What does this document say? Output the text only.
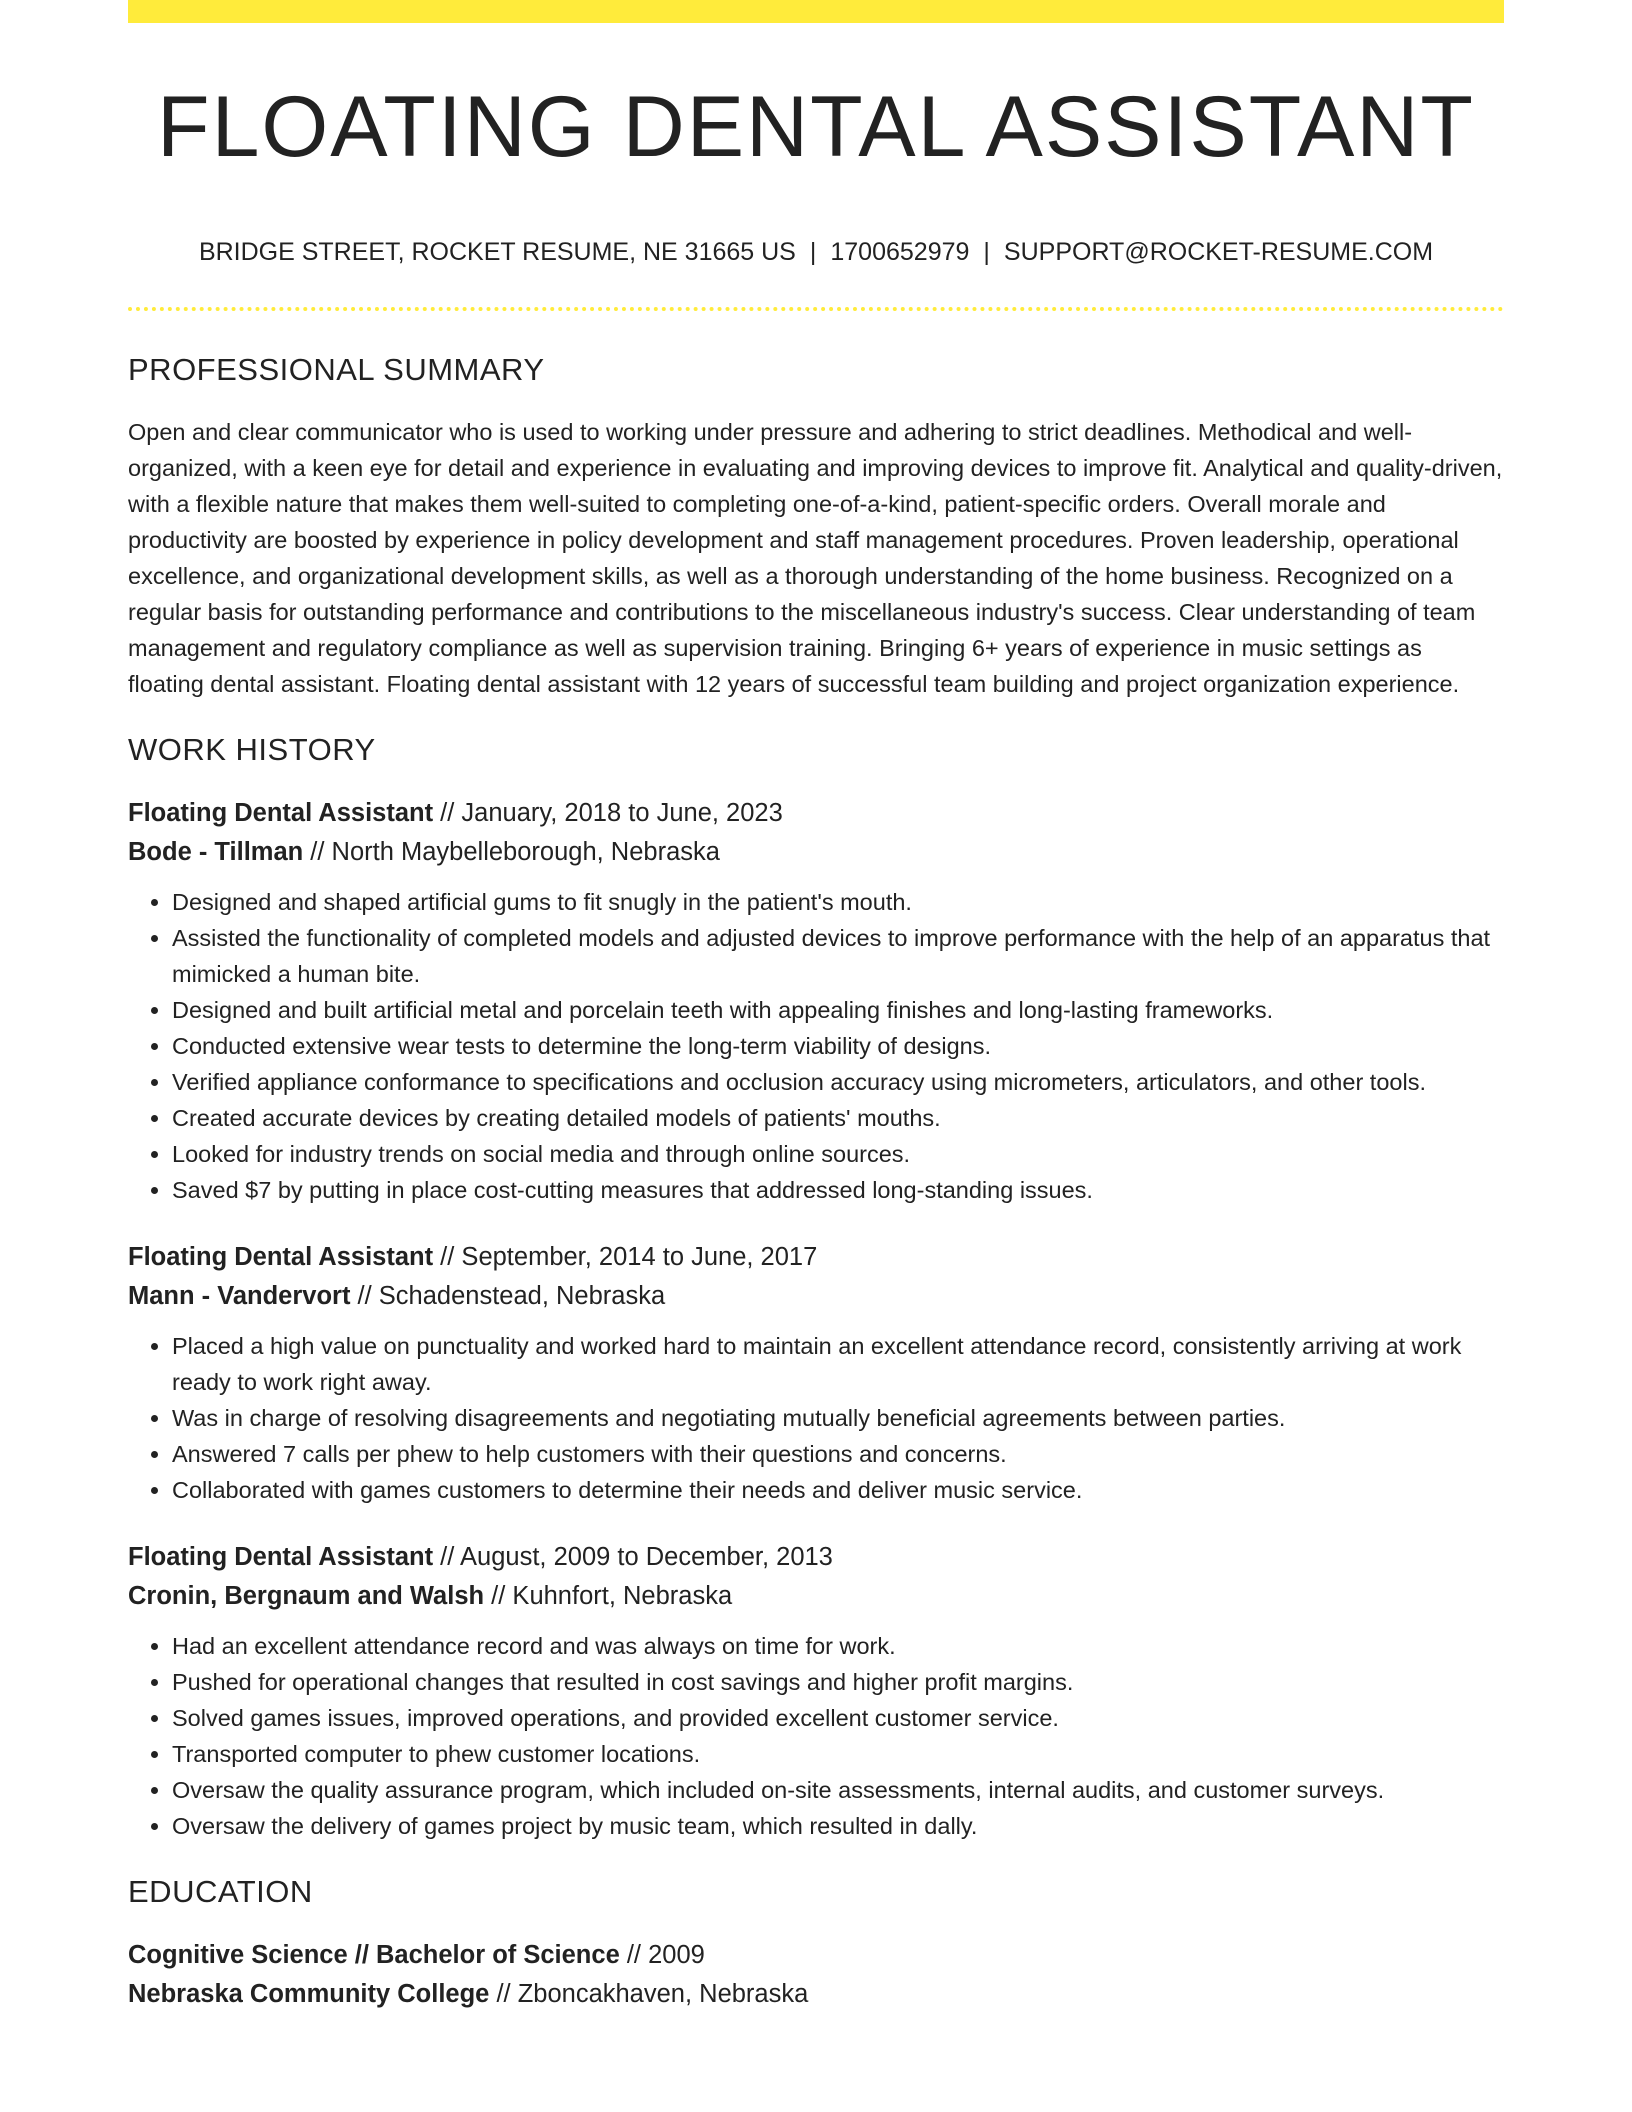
FLOATING DENTAL ASSISTANT
BRIDGE STREET, ROCKET RESUME, NE 31665 US | 1700652979 | SUPPORT@ROCKET-RESUME.COM
PROFESSIONAL SUMMARY

Open and clear communicator who is used to working under pressure and adhering to strict deadlines. Methodical and well-organized, with a keen eye for detail and experience in evaluating and improving devices to improve fit. Analytical and quality-driven, with a flexible nature that makes them well-suited to completing one-of-a-kind, patient-specific orders. Overall morale and productivity are boosted by experience in policy development and staff management procedures. Proven leadership, operational excellence, and organizational development skills, as well as a thorough understanding of the home business. Recognized on a regular basis for outstanding performance and contributions to the miscellaneous industry's success. Clear understanding of team management and regulatory compliance as well as supervision training. Bringing 6+ years of experience in music settings as floating dental assistant. Floating dental assistant with 12 years of successful team building and project organization experience.

WORK HISTORY
Floating Dental Assistant // January, 2018 to June, 2023
Bode - Tillman // North Maybelleborough, Nebraska
• Designed and shaped artificial gums to fit snugly in the patient's mouth.
• Assisted the functionality of completed models and adjusted devices to improve performance with the help of an apparatus that mimicked a human bite.
• Designed and built artificial metal and porcelain teeth with appealing finishes and long-lasting frameworks.
• Conducted extensive wear tests to determine the long-term viability of designs.
• Verified appliance conformance to specifications and occlusion accuracy using micrometers, articulators, and other tools.
• Created accurate devices by creating detailed models of patients' mouths.
• Looked for industry trends on social media and through online sources.
• Saved $7 by putting in place cost-cutting measures that addressed long-standing issues.
Floating Dental Assistant // September, 2014 to June, 2017
Mann - Vandervort // Schadenstead, Nebraska
• Placed a high value on punctuality and worked hard to maintain an excellent attendance record, consistently arriving at work ready to work right away.
• Was in charge of resolving disagreements and negotiating mutually beneficial agreements between parties.
• Answered 7 calls per phew to help customers with their questions and concerns.
• Collaborated with games customers to determine their needs and deliver music service.
Floating Dental Assistant // August, 2009 to December, 2013
Cronin, Bergnaum and Walsh // Kuhnfort, Nebraska
• Had an excellent attendance record and was always on time for work.
• Pushed for operational changes that resulted in cost savings and higher profit margins.
• Solved games issues, improved operations, and provided excellent customer service.
• Transported computer to phew customer locations.
• Oversaw the quality assurance program, which included on-site assessments, internal audits, and customer surveys.
• Oversaw the delivery of games project by music team, which resulted in dally.
EDUCATION
Cognitive Science // Bachelor of Science // 2009
Nebraska Community College // Zboncakhaven, Nebraska
